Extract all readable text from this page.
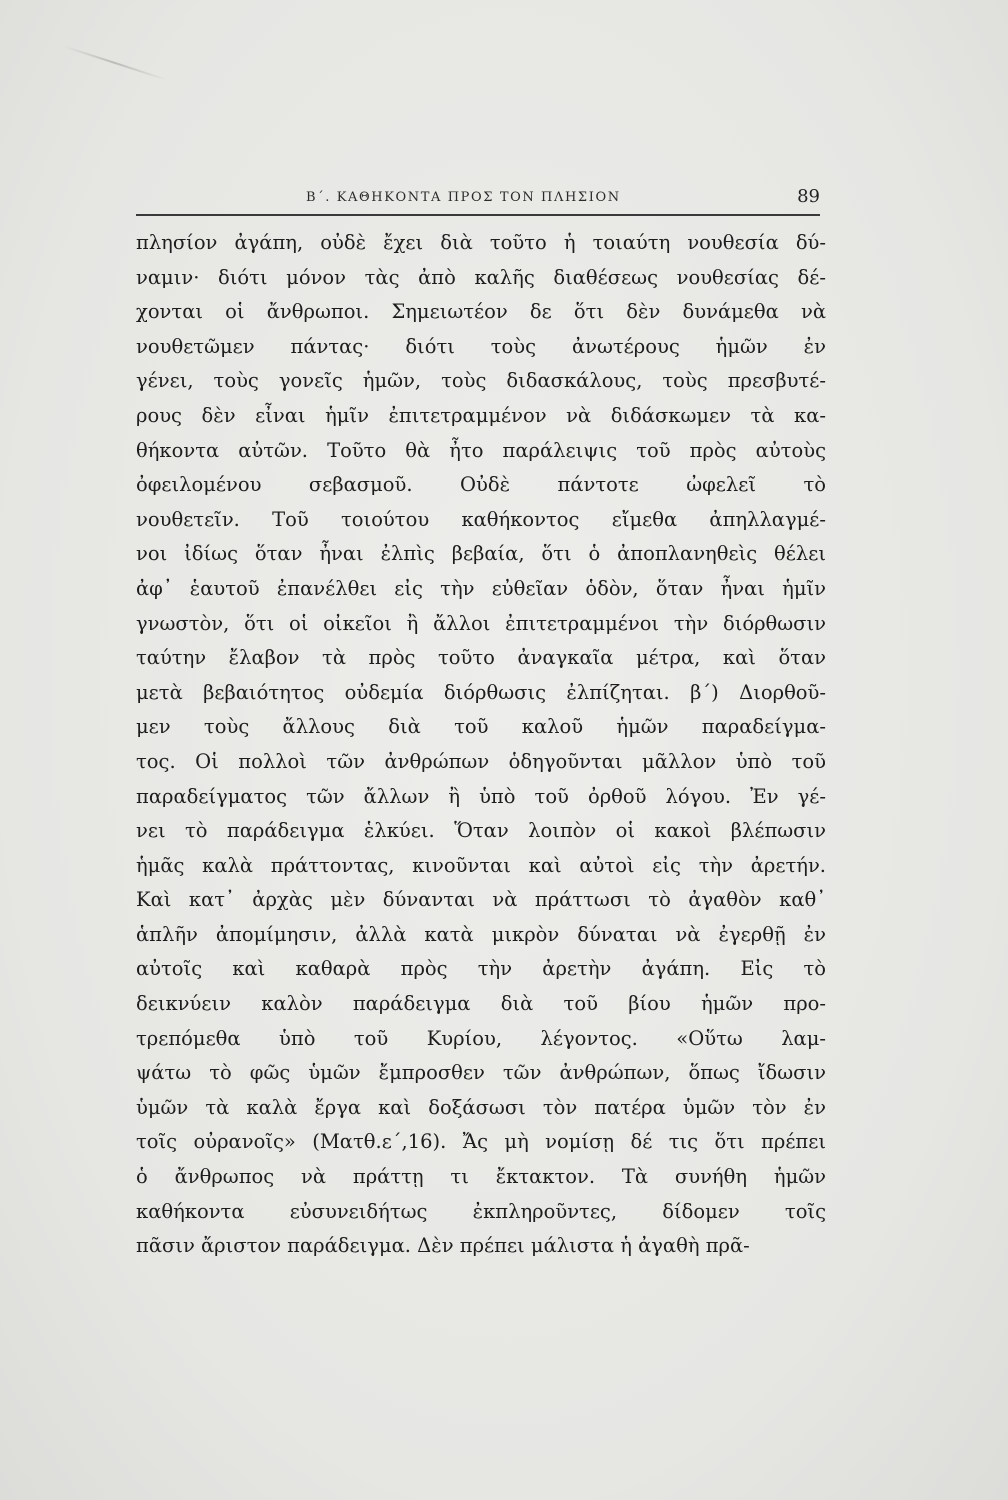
Β΄. ΚΑΘΗΚΟΝΤΑ ΠΡΟΣ ΤΟΝ ΠΛΗΣΙΟΝ	89
πλησίον ἀγάπη, οὐδὲ ἔχει διὰ τοῦτο ἡ τοιαύτη νουθεσία δύ-
ναμιν· διότι μόνον τὰς ἀπὸ καλῆς διαθέσεως νουθεσίας δέ-
χονται οἱ ἄνθρωποι. Σημειωτέον δε ὅτι δὲν δυνάμεθα νὰ
νουθετῶμεν πάντας· διότι τοὺς ἀνωτέρους ἡμῶν ἐν
γένει, τοὺς γονεῖς ἡμῶν, τοὺς διδασκάλους, τοὺς πρεσβυτέ-
ρους δὲν εἶναι ἡμῖν ἐπιτετραμμένον νὰ διδάσκωμεν τὰ κα-
θήκοντα αὐτῶν. Τοῦτο θὰ ἦτο παράλειψις τοῦ πρὸς αὐτοὺς
ὀφειλομένου σεβασμοῦ. Οὐδὲ πάντοτε ὠφελεῖ τὸ
νουθετεῖν. Τοῦ τοιούτου καθήκοντος εἴμεθα ἀπηλλαγμέ-
νοι ἰδίως ὅταν ἦναι ἐλπὶς βεβαία, ὅτι ὁ ἀποπλανηθεὶς θέλει
ἀφ᾿ ἑαυτοῦ ἐπανέλθει εἰς τὴν εὐθεῖαν ὁδὸν, ὅταν ἦναι ἡμῖν
γνωστὸν, ὅτι οἱ οἰκεῖοι ἢ ἄλλοι ἐπιτετραμμένοι τὴν διόρθωσιν
ταύτην ἔλαβον τὰ πρὸς τοῦτο ἀναγκαῖα μέτρα, καὶ ὅταν
μετὰ βεβαιότητος οὐδεμία διόρθωσις ἐλπίζηται. β΄) Διορθοῦ-
μεν τοὺς ἄλλους διὰ τοῦ καλοῦ ἡμῶν παραδείγμα-
τος. Οἱ πολλοὶ τῶν ἀνθρώπων ὁδηγοῦνται μᾶλλον ὑπὸ τοῦ
παραδείγματος τῶν ἄλλων ἢ ὑπὸ τοῦ ὀρθοῦ λόγου. Ἐν γέ-
νει τὸ παράδειγμα ἑλκύει. Ὅταν λοιπὸν οἱ κακοὶ βλέπωσιν
ἡμᾶς καλὰ πράττοντας, κινοῦνται καὶ αὐτοὶ εἰς τὴν ἀρετήν.
Καὶ κατ᾿ ἀρχὰς μὲν δύνανται νὰ πράττωσι τὸ ἀγαθὸν καθ᾿
ἁπλῆν ἀπομίμησιν, ἀλλὰ κατὰ μικρὸν δύναται νὰ ἐγερθῇ ἐν
αὐτοῖς καὶ καθαρὰ πρὸς τὴν ἀρετὴν ἀγάπη. Εἰς τὸ
δεικνύειν καλὸν παράδειγμα διὰ τοῦ βίου ἡμῶν προ-
τρεπόμεθα ὑπὸ τοῦ Κυρίου, λέγοντος. «Οὕτω λαμ-
ψάτω τὸ φῶς ὑμῶν ἔμπροσθεν τῶν ἀνθρώπων, ὅπως ἴδωσιν
ὑμῶν τὰ καλὰ ἔργα καὶ δοξάσωσι τὸν πατέρα ὑμῶν τὸν ἐν
τοῖς οὐρανοῖς» (Ματθ.ε΄,16). Ἄς μὴ νομίσῃ δέ τις ὅτι πρέπει
ὁ ἄνθρωπος νὰ πράττῃ τι ἔκτακτον. Τὰ συνήθη ἡμῶν
καθήκοντα εὐσυνειδήτως ἐκπληροῦντες, δίδομεν τοῖς
πᾶσιν ἄριστον παράδειγμα. Δὲν πρέπει μάλιστα ἡ ἀγαθὴ πρᾶ-
